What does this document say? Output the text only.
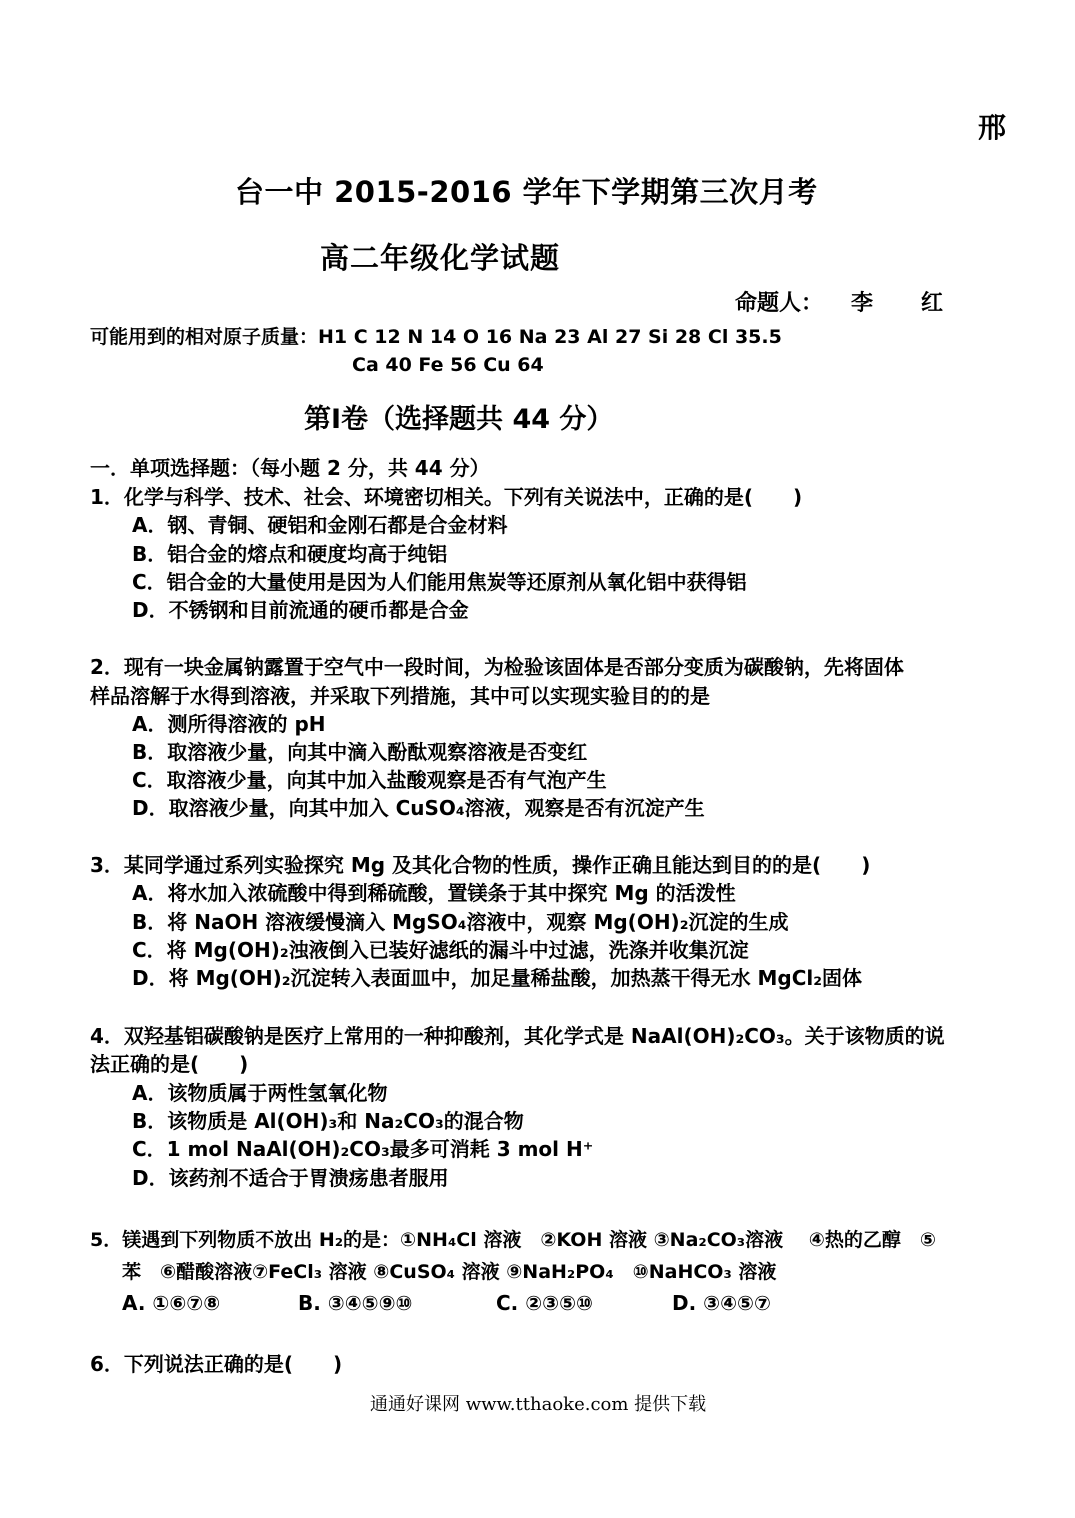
邢
台一中 2015-2016 学年下学期第三次月考
高二年级化学试题
命题人： 李 红
可能用到的相对原子质量：H1 C 12 N 14 O 16 Na 23 Al 27 Si 28 Cl 35.5
Ca 40 Fe 56 Cu 64
第Ⅰ卷（选择题共 44 分）
一．单项选择题：（每小题 2 分，共 44 分）
1．化学与科学、技术、社会、环境密切相关。下列有关说法中，正确的是(　　)
A．钢、青铜、硬铝和金刚石都是合金材料
B．铝合金的熔点和硬度均高于纯铝
C．铝合金的大量使用是因为人们能用焦炭等还原剂从氧化铝中获得铝
D．不锈钢和目前流通的硬币都是合金
2．现有一块金属钠露置于空气中一段时间，为检验该固体是否部分变质为碳酸钠，先将固体
样品溶解于水得到溶液，并采取下列措施，其中可以实现实验目的的是
A．测所得溶液的 pH
B．取溶液少量，向其中滴入酚酞观察溶液是否变红
C．取溶液少量，向其中加入盐酸观察是否有气泡产生
D．取溶液少量，向其中加入 CuSO₄溶液，观察是否有沉淀产生
3．某同学通过系列实验探究 Mg 及其化合物的性质，操作正确且能达到目的的是(　　)
A．将水加入浓硫酸中得到稀硫酸，置镁条于其中探究 Mg 的活泼性
B．将 NaOH 溶液缓慢滴入 MgSO₄溶液中，观察 Mg(OH)₂沉淀的生成
C．将 Mg(OH)₂浊液倒入已装好滤纸的漏斗中过滤，洗涤并收集沉淀
D．将 Mg(OH)₂沉淀转入表面皿中，加足量稀盐酸，加热蒸干得无水 MgCl₂固体
4．双羟基铝碳酸钠是医疗上常用的一种抑酸剂，其化学式是 NaAl(OH)₂CO₃。关于该物质的说
法正确的是(　　)
A．该物质属于两性氢氧化物
B．该物质是 Al(OH)₃和 Na₂CO₃的混合物
C．1 mol NaAl(OH)₂CO₃最多可消耗 3 mol H⁺
D．该药剂不适合于胃溃疡患者服用
5．镁遇到下列物质不放出 H₂的是：①NH₄Cl 溶液　②KOH 溶液 ③Na₂CO₃溶液　 ④热的乙醇　⑤
苯　⑥醋酸溶液⑦FeCl₃ 溶液 ⑧CuSO₄ 溶液 ⑨NaH₂PO₄　⑩NaHCO₃ 溶液
A. ①⑥⑦⑧	B. ③④⑤⑨⑩	C. ②③⑤⑩	D. ③④⑤⑦
6．下列说法正确的是(　　)
通通好课网 www.tthaoke.com 提供下载
